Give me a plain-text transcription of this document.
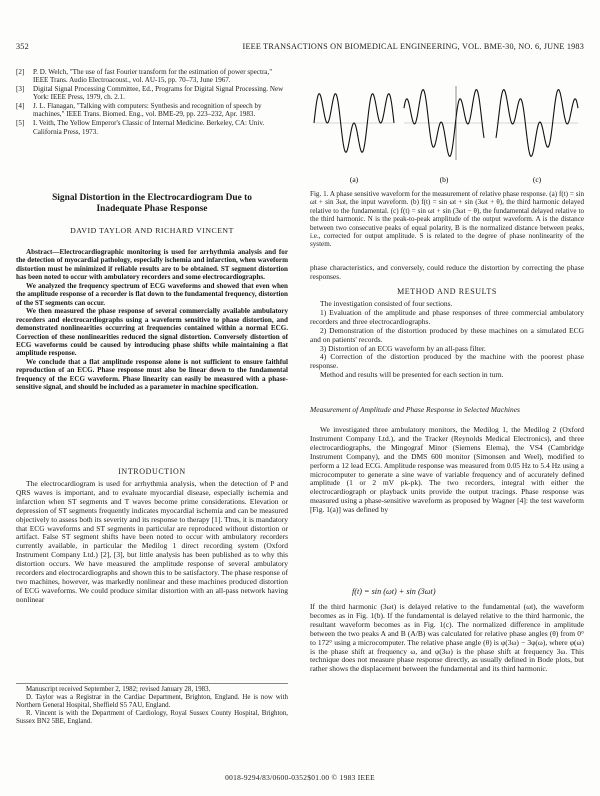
352	IEEE TRANSACTIONS ON BIOMEDICAL ENGINEERING, VOL. BME-30, NO. 6, JUNE 1983
[2]	P. D. Welch, "The use of fast Fourier transform for the estimation of power spectra," IEEE Trans. Audio Electroacoust., vol. AU-15, pp. 70–73, June 1967.
[3]	Digital Signal Processing Committee, Ed., Programs for Digital Signal Processing. New York: IEEE Press, 1979, ch. 2.1.
[4]	J. L. Flanagan, "Talking with computers: Synthesis and recognition of speech by machines," IEEE Trans. Biomed. Eng., vol. BME-29, pp. 223–232, Apr. 1983.
[5]	I. Veith, The Yellow Emperor's Classic of Internal Medicine. Berkeley, CA: Univ. California Press, 1973.
Signal Distortion in the Electrocardiogram Due to
Inadequate Phase Response
DAVID TAYLOR AND RICHARD VINCENT

Abstract—Electrocardiographic monitoring is used for arrhythmia analysis and for the detection of myocardial pathology, especially ischemia and infarction, when waveform distortion must be minimized if reliable results are to be obtained. ST segment distortion has been noted to occur with ambulatory recorders and some electrocardiographs.

We analyzed the frequency spectrum of ECG waveforms and showed that even when the amplitude response of a recorder is flat down to the fundamental frequency, distortion of the ST segments can occur.

We then measured the phase response of several commercially available ambulatory recorders and electrocardiographs using a waveform sensitive to phase distortion, and demonstrated nonlinearities occurring at frequencies contained within a normal ECG. Correction of these nonlinearities reduced the signal distortion. Conversely distortion of ECG waveforms could be caused by introducing phase shifts while maintaining a flat amplitude response.

We conclude that a flat amplitude response alone is not sufficient to ensure faithful reproduction of an ECG. Phase response must also be linear down to the fundamental frequency of the ECG waveform. Phase linearity can easily be measured with a phase-sensitive signal, and should be included as a parameter in machine specification.

INTRODUCTION

The electrocardiogram is used for arrhythmia analysis, when the detection of P and QRS waves is important, and to evaluate myocardial disease, especially ischemia and infarction when ST segments and T waves become prime considerations. Elevation or depression of ST segments frequently indicates myocardial ischemia and can be measured objectively to assess both its severity and its response to therapy [1]. Thus, it is mandatory that ECG waveforms and ST segments in particular are reproduced without distortion or artifact. False ST segment shifts have been noted to occur with ambulatory recorders currently available, in particular the Medilog 1 direct recording system (Oxford Instrument Company Ltd.) [2], [3], but little analysis has been published as to why this distortion occurs. We have measured the amplitude response of several ambulatory recorders and electrocardiographs and shown this to be satisfactory. The phase response of two machines, however, was markedly nonlinear and these machines produced distortion of ECG waveforms. We could produce similar distortion with an all-pass network having nonlinear

Manuscript received September 2, 1982; revised January 28, 1983.

D. Taylor was a Registrar in the Cardiac Department, Brighton, England. He is now with Northern General Hospital, Sheffield S5 7AU, England.

R. Vincent is with the Department of Cardiology, Royal Sussex County Hospital, Brighton, Sussex BN2 5BE, England.

(a)	(b)	(c)
Fig. 1. A phase sensitive waveform for the measurement of relative phase response. (a) f(t) = sin ωt + sin 3ωt, the input waveform. (b) f(t) = sin ωt + sin (3ωt + θ), the third harmonic delayed relative to the fundamental. (c) f(t) = sin ωt + sin (3ωt − θ), the fundamental delayed relative to the third harmonic. N is the peak-to-peak amplitude of the output waveform. A is the distance between two consecutive peaks of equal polarity, B is the normalized distance between peaks, i.e., corrected for output amplitude. S is related to the degree of phase nonlinearity of the system.
phase characteristics, and conversely, could reduce the distortion by correcting the phase responses.
METHOD AND RESULTS

The investigation consisted of four sections.

1) Evaluation of the amplitude and phase responses of three commercial ambulatory recorders and three electrocardiographs.

2) Demonstration of the distortion produced by these machines on a simulated ECG and on patients' records.

3) Distortion of an ECG waveform by an all-pass filter.

4) Correction of the distortion produced by the machine with the poorest phase response.

Method and results will be presented for each section in turn.

Measurement of Amplitude and Phase Response in Selected Machines

We investigated three ambulatory monitors, the Medilog 1, the Medilog 2 (Oxford Instrument Company Ltd.), and the Tracker (Reynolds Medical Electronics), and three electrocardiographs, the Mingograf Minor (Siemens Elema), the VS4 (Cambridge Instrument Company), and the DMS 600 monitor (Simonsen and Weel), modified to perform a 12 lead ECG. Amplitude response was measured from 0.05 Hz to 5.4 Hz using a microcomputer to generate a sine wave of variable frequency and of accurately defined amplitude (1 or 2 mV pk-pk). The two recorders, integral with either the electrocardiograph or playback units provide the output tracings. Phase response was measured using a phase-sensitive waveform as proposed by Wagner [4]: the test waveform [Fig. 1(a)] was defined by

f(t) = sin (ωt) + sin (3ωt)

If the third harmonic (3ωt) is delayed relative to the fundamental (ωt), the waveform becomes as in Fig. 1(b). If the fundamental is delayed relative to the third harmonic, the resultant waveform becomes as in Fig. 1(c). The normalized difference in amplitude between the two peaks A and B (A/B) was calculated for relative phase angles (θ) from 0° to 172° using a microcomputer. The relative phase angle (θ) is φ(3ω) − 3φ(ω), where φ(ω) is the phase shift at frequency ω, and φ(3ω) is the phase shift at frequency 3ω. This technique does not measure phase response directly, as usually defined in Bode plots, but rather shows the displacement between the fundamental and its third harmonic.

0018-9294/83/0600-0352$01.00 © 1983 IEEE
